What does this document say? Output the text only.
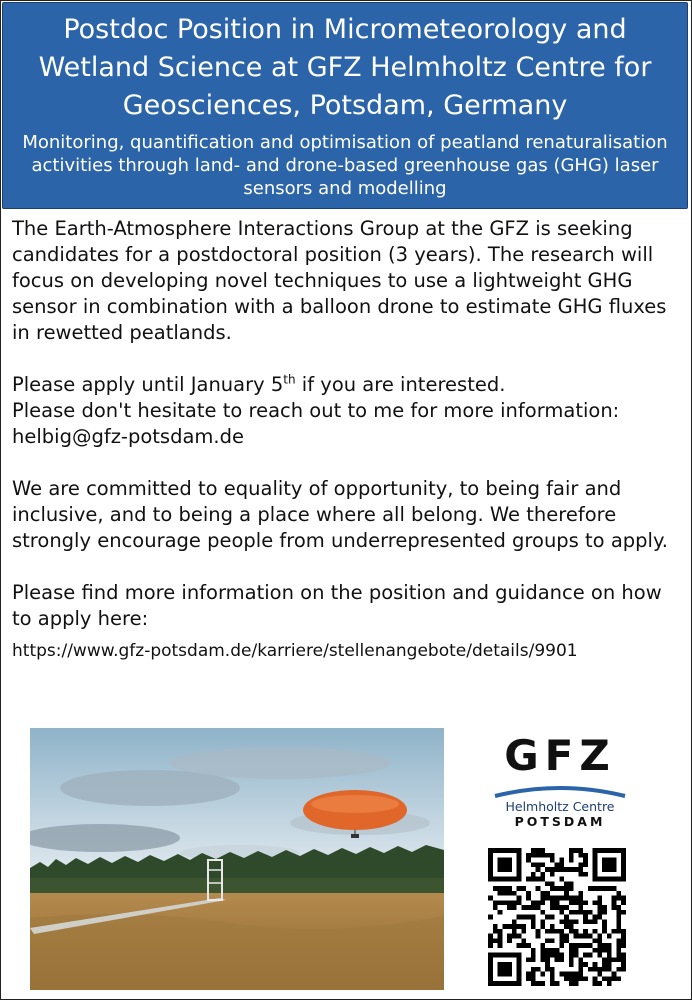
Postdoc Position in Micrometeorology and Wetland Science at GFZ Helmholtz Centre for Geosciences, Potsdam, Germany
Monitoring, quantification and optimisation of peatland renaturalisation activities through land- and drone-based greenhouse gas (GHG) laser sensors and modelling

The Earth-Atmosphere Interactions Group at the GFZ is seeking candidates for a postdoctoral position (3 years). The research will focus on developing novel techniques to use a lightweight GHG sensor in combination with a balloon drone to estimate GHG fluxes in rewetted peatlands.

Please apply until January 5th if you are interested.

Please don't hesitate to reach out to me for more information:

helbig@gfz-potsdam.de

We are committed to equality of opportunity, to being fair and inclusive, and to being a place where all belong. We therefore strongly encourage people from underrepresented groups to apply.

Please find more information on the position and guidance on how to apply here:

https://www.gfz-potsdam.de/karriere/stellenangebote/details/9901

GFZ
Helmholtz Centre
POTSDAM
